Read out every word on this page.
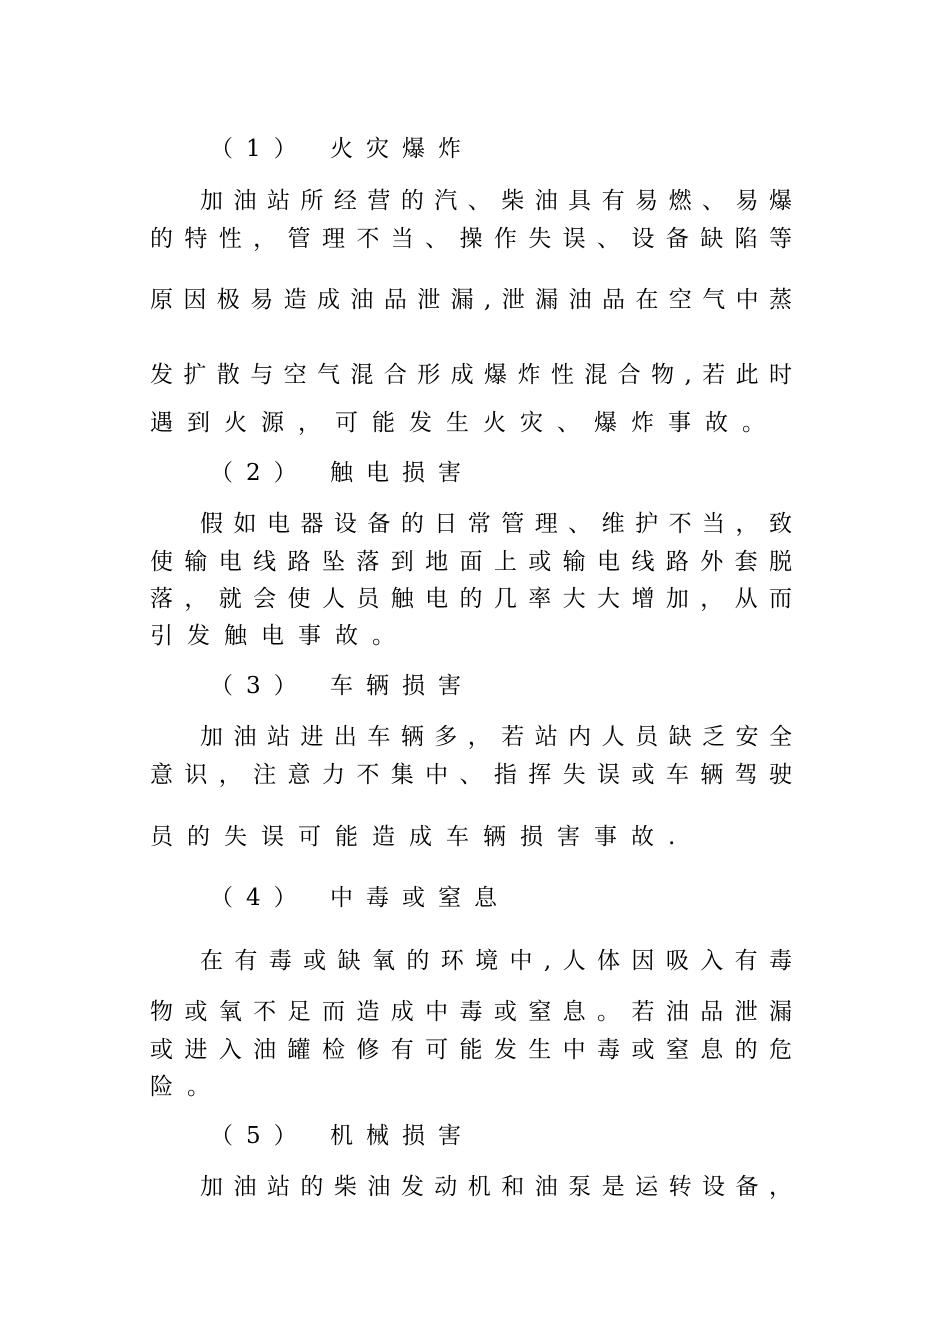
（1） 火灾爆炸
加油站所经营的汽、柴油具有易燃、易爆
的特性，管理不当、操作失误、设备缺陷等
原因极易造成油品泄漏,泄漏油品在空气中蒸
发扩散与空气混合形成爆炸性混合物,若此时
遇到火源，可能发生火灾、爆炸事故。
（2） 触电损害
假如电器设备的日常管理、维护不当，致
使输电线路坠落到地面上或输电线路外套脱
落，就会使人员触电的几率大大增加，从而
引发触电事故。
（3） 车辆损害
加油站进出车辆多，若站内人员缺乏安全
意识，注意力不集中、指挥失误或车辆驾驶
员的失误可能造成车辆损害事故.
（4） 中毒或窒息
在有毒或缺氧的环境中,人体因吸入有毒
物或氧不足而造成中毒或窒息。若油品泄漏
或进入油罐检修有可能发生中毒或窒息的危
险。
（5） 机械损害
加油站的柴油发动机和油泵是运转设备，
